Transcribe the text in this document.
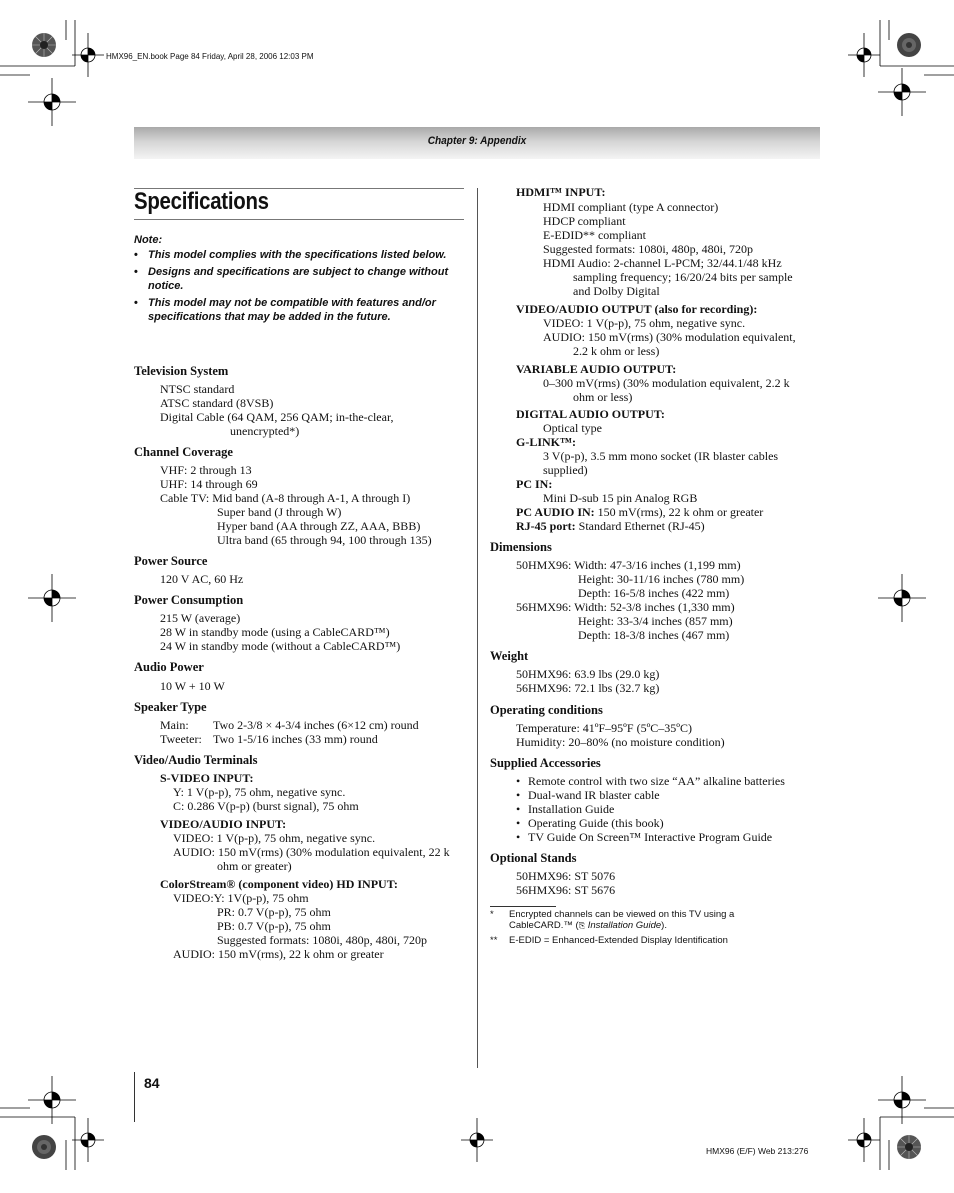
HMX96_EN.book Page 84 Friday, April 28, 2006 12:03 PM
Chapter 9: Appendix
Specifications
Note:
• This model complies with the specifications listed below.
• Designs and specifications are subject to change without notice.
• This model may not be compatible with features and/or specifications that may be added in the future.
Television System
NTSC standard
ATSC standard (8VSB)
Digital Cable (64 QAM, 256 QAM; in-the-clear,
unencrypted*)
Channel Coverage
VHF: 2 through 13
UHF: 14 through 69
Cable TV: Mid band (A-8 through A-1, A through I)
Super band (J through W)
Hyper band (AA through ZZ, AAA, BBB)
Ultra band (65 through 94, 100 through 135)
Power Source
120 V AC, 60 Hz
Power Consumption
215 W (average)
28 W in standby mode (using a CableCARD™)
24 W in standby mode (without a CableCARD™)
Audio Power
10 W + 10 W
Speaker Type
Main: Two 2-3/8 × 4-3/4 inches (6×12 cm) round
Tweeter: Two 1-5/16 inches (33 mm) round
Video/Audio Terminals
S-VIDEO INPUT:
Y: 1 V(p-p), 75 ohm, negative sync.
C: 0.286 V(p-p) (burst signal), 75 ohm
VIDEO/AUDIO INPUT:
VIDEO: 1 V(p-p), 75 ohm, negative sync.
AUDIO: 150 mV(rms) (30% modulation equivalent, 22 k
ohm or greater)
ColorStream® (component video) HD INPUT:
VIDEO:Y: 1V(p-p), 75 ohm
PR: 0.7 V(p-p), 75 ohm
PB: 0.7 V(p-p), 75 ohm
Suggested formats: 1080i, 480p, 480i, 720p
AUDIO: 150 mV(rms), 22 k ohm or greater
HDMI™ INPUT:
HDMI compliant (type A connector)
HDCP compliant
E-EDID** compliant
Suggested formats: 1080i, 480p, 480i, 720p
HDMI Audio: 2-channel L-PCM; 32/44.1/48 kHz
sampling frequency; 16/20/24 bits per sample
and Dolby Digital
VIDEO/AUDIO OUTPUT (also for recording):
VIDEO: 1 V(p-p), 75 ohm, negative sync.
AUDIO: 150 mV(rms) (30% modulation equivalent,
2.2 k ohm or less)
VARIABLE AUDIO OUTPUT:
0–300 mV(rms) (30% modulation equivalent, 2.2 k
ohm or less)
DIGITAL AUDIO OUTPUT:
Optical type
G-LINK™:
3 V(p-p), 3.5 mm mono socket (IR blaster cables
supplied)
PC IN:
Mini D-sub 15 pin Analog RGB
PC AUDIO IN: 150 mV(rms), 22 k ohm or greater
RJ-45 port: Standard Ethernet (RJ-45)
Dimensions
50HMX96: Width: 47-3/16 inches (1,199 mm)
Height: 30-11/16 inches (780 mm)
Depth: 16-5/8 inches (422 mm)
56HMX96: Width: 52-3/8 inches (1,330 mm)
Height: 33-3/4 inches (857 mm)
Depth: 18-3/8 inches (467 mm)
Weight
50HMX96: 63.9 lbs (29.0 kg)
56HMX96: 72.1 lbs (32.7 kg)
Operating conditions
Temperature: 41ºF–95ºF (5ºC–35ºC)
Humidity: 20–80% (no moisture condition)
Supplied Accessories
• Remote control with two size “AA” alkaline batteries
• Dual-wand IR blaster cable
• Installation Guide
• Operating Guide (this book)
• TV Guide On Screen™ Interactive Program Guide
Optional Stands
50HMX96: ST 5076
56HMX96: ST 5676
* Encrypted channels can be viewed on this TV using a
CableCARD.™ (⎘ Installation Guide).
**	E-EDID = Enhanced-Extended Display Identification
84
HMX96 (E/F) Web 213:276
